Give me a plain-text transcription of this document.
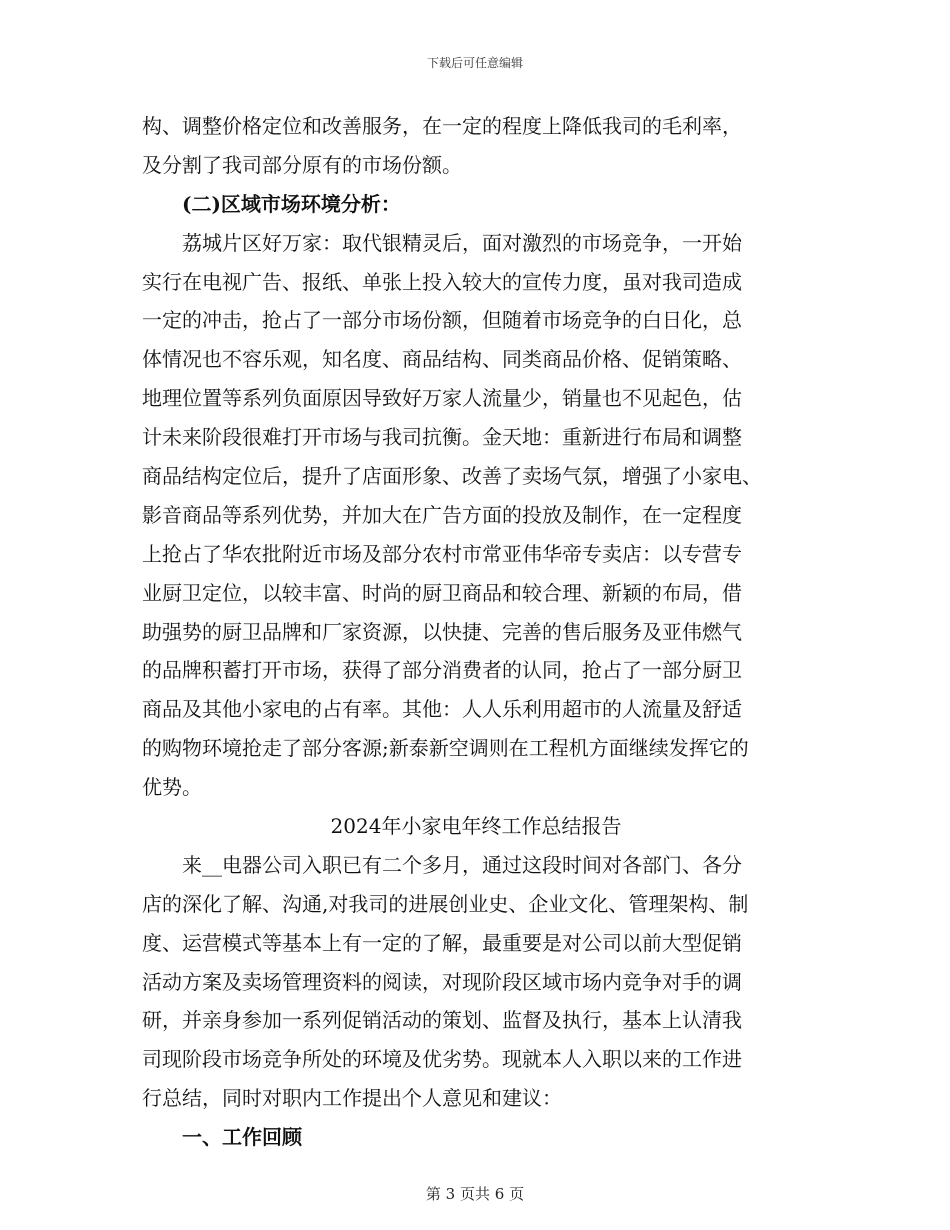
下载后可任意编辑
构、调整价格定位和改善服务，在一定的程度上降低我司的毛利率，
及分割了我司部分原有的市场份额。
(二)区域市场环境分析：
荔城片区好万家：取代银精灵后，面对激烈的市场竞争，一开始
实行在电视广告、报纸、单张上投入较大的宣传力度，虽对我司造成
一定的冲击，抢占了一部分市场份额，但随着市场竞争的白日化，总
体情况也不容乐观，知名度、商品结构、同类商品价格、促销策略、
地理位置等系列负面原因导致好万家人流量少，销量也不见起色，估
计未来阶段很难打开市场与我司抗衡。金天地：重新进行布局和调整
商品结构定位后，提升了店面形象、改善了卖场气氛，增强了小家电、
影音商品等系列优势，并加大在广告方面的投放及制作，在一定程度
上抢占了华农批附近市场及部分农村市常亚伟华帝专卖店：以专营专
业厨卫定位，以较丰富、时尚的厨卫商品和较合理、新颖的布局，借
助强势的厨卫品牌和厂家资源，以快捷、完善的售后服务及亚伟燃气
的品牌积蓄打开市场，获得了部分消费者的认同，抢占了一部分厨卫
商品及其他小家电的占有率。其他：人人乐利用超市的人流量及舒适
的购物环境抢走了部分客源;新泰新空调则在工程机方面继续发挥它的
优势。
2024年小家电年终工作总结报告
来__电器公司入职已有二个多月，通过这段时间对各部门、各分
店的深化了解、沟通,对我司的进展创业史、企业文化、管理架构、制
度、运营模式等基本上有一定的了解，最重要是对公司以前大型促销
活动方案及卖场管理资料的阅读，对现阶段区域市场内竞争对手的调
研，并亲身参加一系列促销活动的策划、监督及执行，基本上认清我
司现阶段市场竞争所处的环境及优劣势。现就本人入职以来的工作进
行总结，同时对职内工作提出个人意见和建议：
一、工作回顾
第 3 页共 6 页
